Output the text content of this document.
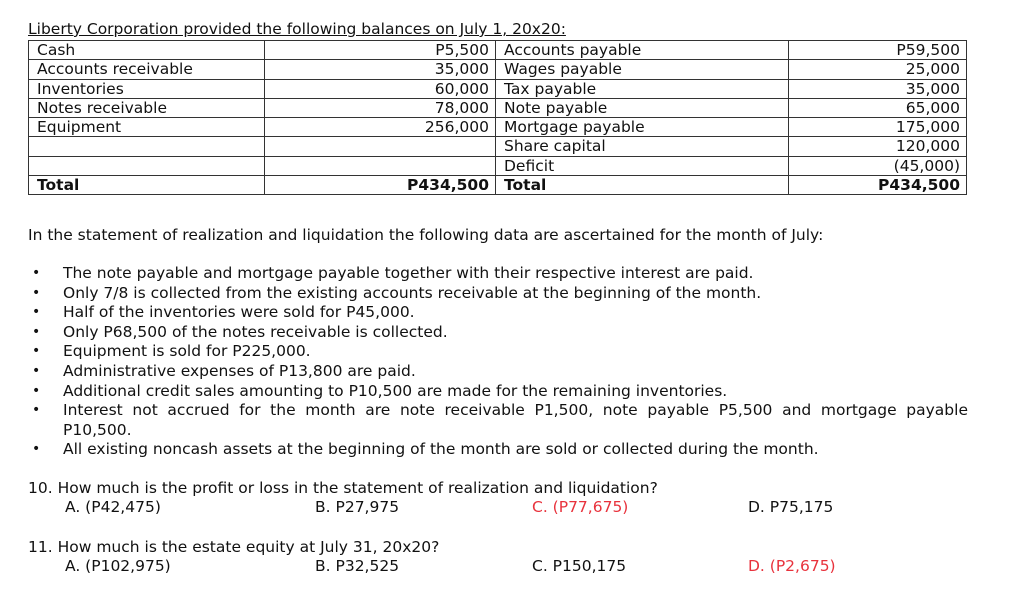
Liberty Corporation provided the following balances on July 1, 20x20:
Cash	P5,500	Accounts payable	P59,500
Accounts receivable	35,000	Wages payable	25,000
Inventories	60,000	Tax payable	35,000
Notes receivable	78,000	Note payable	65,000
Equipment	256,000	Mortgage payable	175,000
		Share capital	120,000
		Deficit	(45,000)
Total	P434,500	Total	P434,500
In the statement of realization and liquidation the following data are ascertained for the month of July:
• The note payable and mortgage payable together with their respective interest are paid.
• Only 7/8 is collected from the existing accounts receivable at the beginning of the month.
• Half of the inventories were sold for P45,000.
• Only P68,500 of the notes receivable is collected.
• Equipment is sold for P225,000.
• Administrative expenses of P13,800 are paid.
• Additional credit sales amounting to P10,500 are made for the remaining inventories.
• Interest not accrued for the month are note receivable P1,500, note payable P5,500 and mortgage payable P10,500.
• All existing noncash assets at the beginning of the month are sold or collected during the month.
10. How much is the profit or loss in the statement of realization and liquidation?
A. (P42,475)	B. P27,975	C. (P77,675)	D. P75,175
11. How much is the estate equity at July 31, 20x20?
A. (P102,975)	B. P32,525	C. P150,175	D. (P2,675)
